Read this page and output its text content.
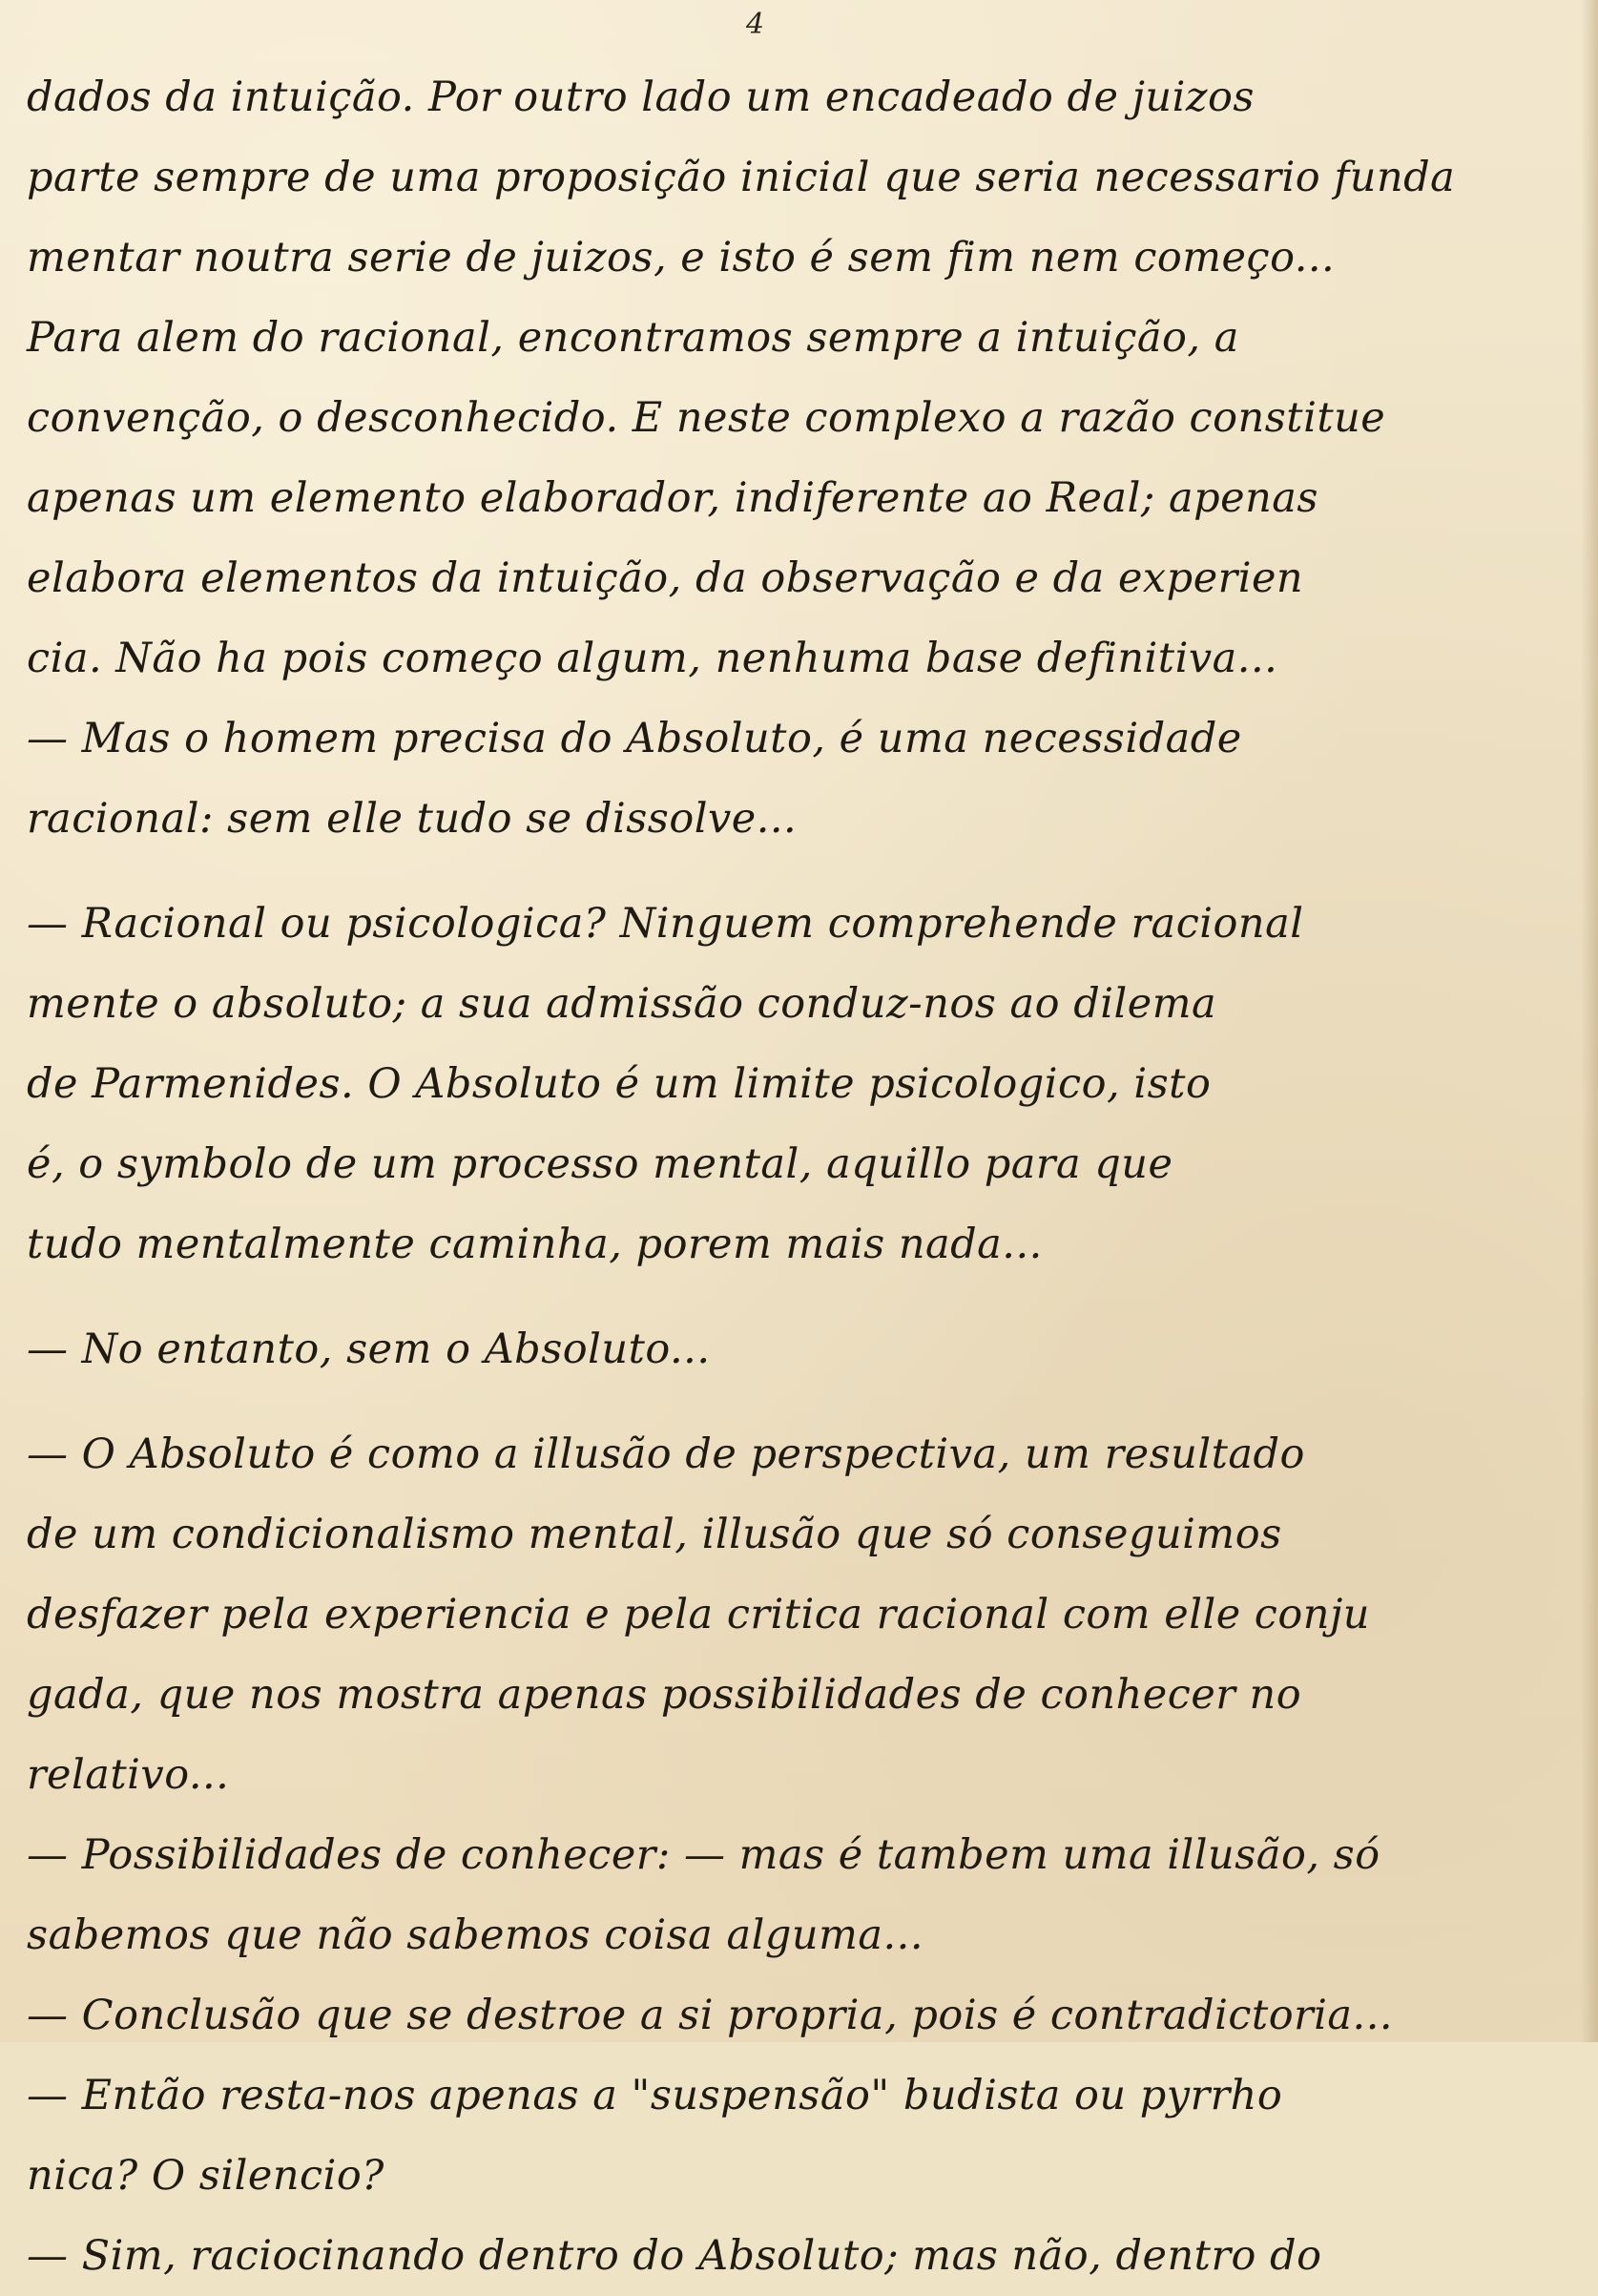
4
dados da intuição. Por outro lado um encadeado de juizos
parte sempre de uma proposição inicial que seria necessario funda
mentar noutra serie de juizos, e isto é sem fim nem começo...
Para alem do racional, encontramos sempre a intuição, a
convenção, o desconhecido. E neste complexo a razão constitue
apenas um elemento elaborador, indiferente ao Real; apenas
elabora elementos da intuição, da observação e da experien
cia. Não ha pois começo algum, nenhuma base definitiva...
— Mas o homem precisa do Absoluto, é uma necessidade
racional: sem elle tudo se dissolve...
— Racional ou psicologica? Ninguem comprehende racional
mente o absoluto; a sua admissão conduz-nos ao dilema
de Parmenides. O Absoluto é um limite psicologico, isto
é, o symbolo de um processo mental, aquillo para que
tudo mentalmente caminha, porem mais nada...
— No entanto, sem o Absoluto...
— O Absoluto é como a illusão de perspectiva, um resultado
de um condicionalismo mental, illusão que só conseguimos
desfazer pela experiencia e pela critica racional com elle conju
gada, que nos mostra apenas possibilidades de conhecer no
relativo...
— Possibilidades de conhecer: — mas é tambem uma illusão, só
sabemos que não sabemos coisa alguma...
— Conclusão que se destroe a si propria, pois é contradictoria...
— Então resta-nos apenas a "suspensão" budista ou pyrrho
nica? O silencio?
— Sim, raciocinando dentro do Absoluto; mas não, dentro do
